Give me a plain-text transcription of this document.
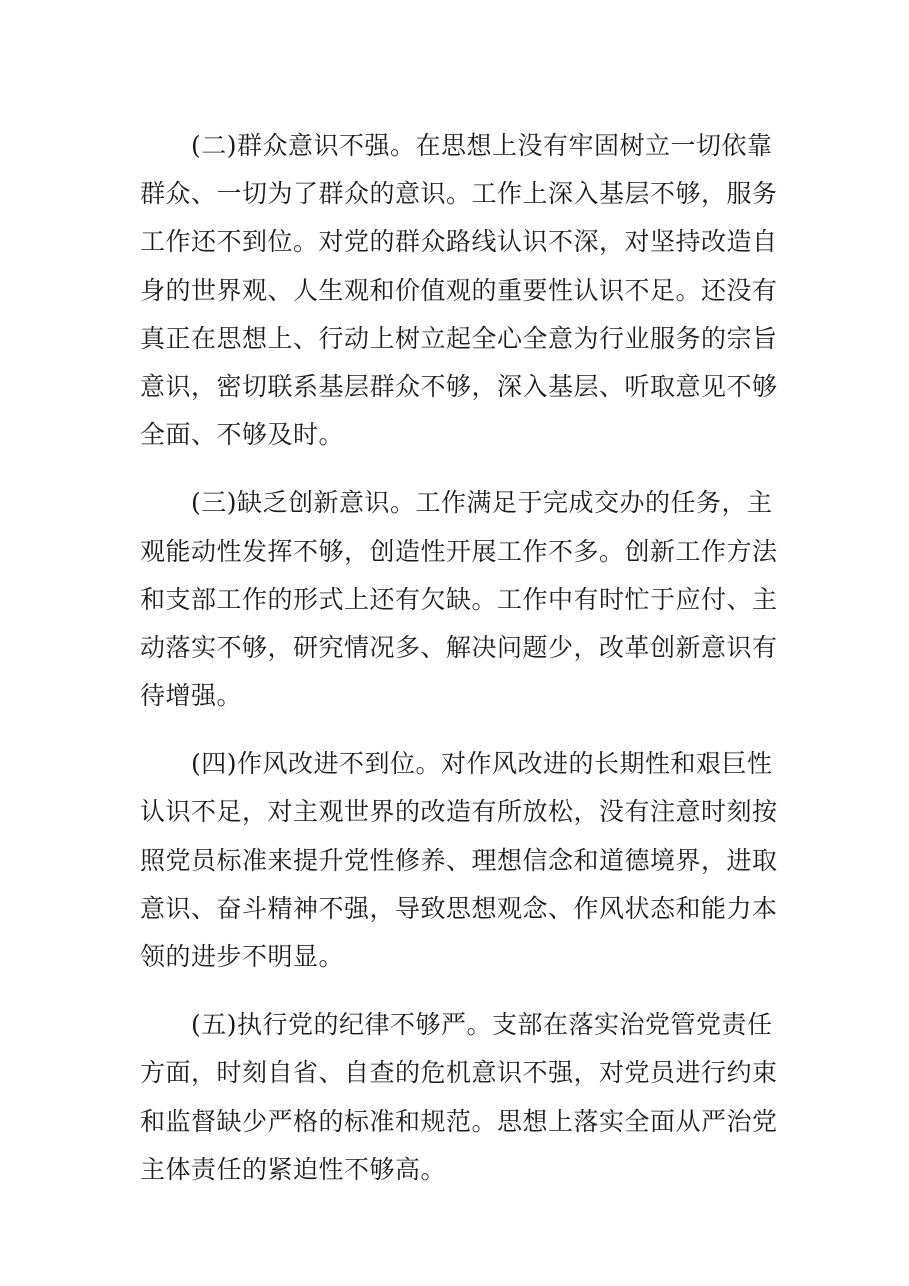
(二)群众意识不强。在思想上没有牢固树立一切依靠
群众、一切为了群众的意识。工作上深入基层不够，服务
工作还不到位。对党的群众路线认识不深，对坚持改造自
身的世界观、人生观和价值观的重要性认识不足。还没有
真正在思想上、行动上树立起全心全意为行业服务的宗旨
意识，密切联系基层群众不够，深入基层、听取意见不够
全面、不够及时。
(三)缺乏创新意识。工作满足于完成交办的任务，主
观能动性发挥不够，创造性开展工作不多。创新工作方法
和支部工作的形式上还有欠缺。工作中有时忙于应付、主
动落实不够，研究情况多、解决问题少，改革创新意识有
待增强。
(四)作风改进不到位。对作风改进的长期性和艰巨性
认识不足，对主观世界的改造有所放松，没有注意时刻按
照党员标准来提升党性修养、理想信念和道德境界，进取
意识、奋斗精神不强，导致思想观念、作风状态和能力本
领的进步不明显。
(五)执行党的纪律不够严。支部在落实治党管党责任
方面，时刻自省、自查的危机意识不强，对党员进行约束
和监督缺少严格的标准和规范。思想上落实全面从严治党
主体责任的紧迫性不够高。
